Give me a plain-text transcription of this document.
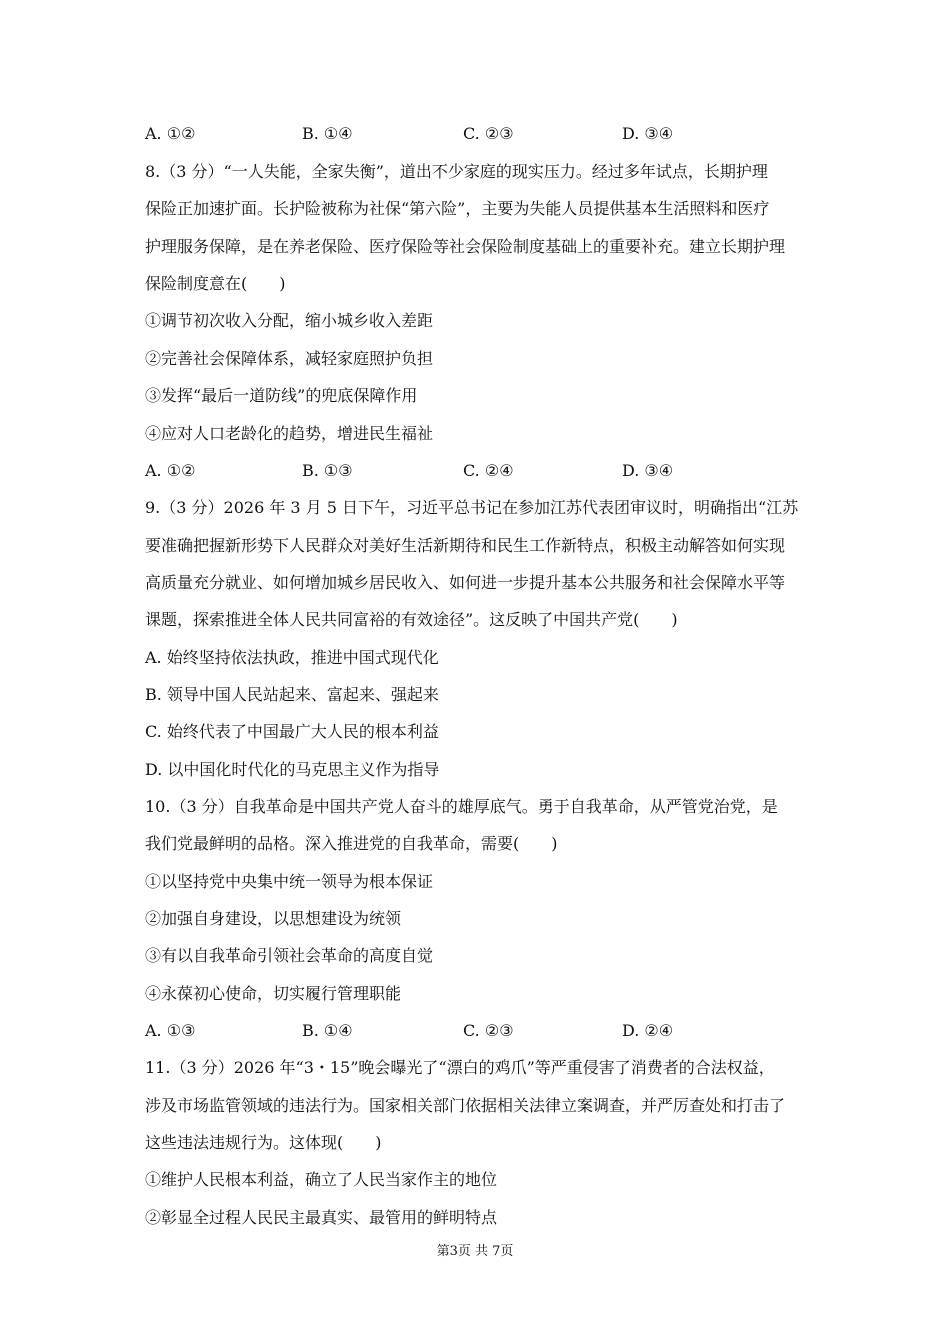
A. ①②	B. ①④	C. ②③	D. ③④
8.（3 分）“一人失能，全家失衡”，道出不少家庭的现实压力。经过多年试点，长期护理
保险正加速扩面。长护险被称为社保“第六险”，主要为失能人员提供基本生活照料和医疗
护理服务保障，是在养老保险、医疗保险等社会保险制度基础上的重要补充。建立长期护理
保险制度意在(　　)
①调节初次收入分配，缩小城乡收入差距
②完善社会保障体系，减轻家庭照护负担
③发挥“最后一道防线”的兜底保障作用
④应对人口老龄化的趋势，增进民生福祉
A. ①②	B. ①③	C. ②④	D. ③④
9.（3 分）2026 年 3 月 5 日下午，习近平总书记在参加江苏代表团审议时，明确指出“江苏
要准确把握新形势下人民群众对美好生活新期待和民生工作新特点，积极主动解答如何实现
高质量充分就业、如何增加城乡居民收入、如何进一步提升基本公共服务和社会保障水平等
课题，探索推进全体人民共同富裕的有效途径”。这反映了中国共产党(　　)
A. 始终坚持依法执政，推进中国式现代化
B. 领导中国人民站起来、富起来、强起来
C. 始终代表了中国最广大人民的根本利益
D. 以中国化时代化的马克思主义作为指导
10.（3 分）自我革命是中国共产党人奋斗的雄厚底气。勇于自我革命，从严管党治党，是
我们党最鲜明的品格。深入推进党的自我革命，需要(　　)
①以坚持党中央集中统一领导为根本保证
②加强自身建设，以思想建设为统领
③有以自我革命引领社会革命的高度自觉
④永葆初心使命，切实履行管理职能
A. ①③	B. ①④	C. ②③	D. ②④
11.（3 分）2026 年“3・15”晚会曝光了“漂白的鸡爪”等严重侵害了消费者的合法权益，
涉及市场监管领域的违法行为。国家相关部门依据相关法律立案调查，并严厉查处和打击了
这些违法违规行为。这体现(　　)
①维护人民根本利益，确立了人民当家作主的地位
②彰显全过程人民民主最真实、最管用的鲜明特点
第3页 共 7页
